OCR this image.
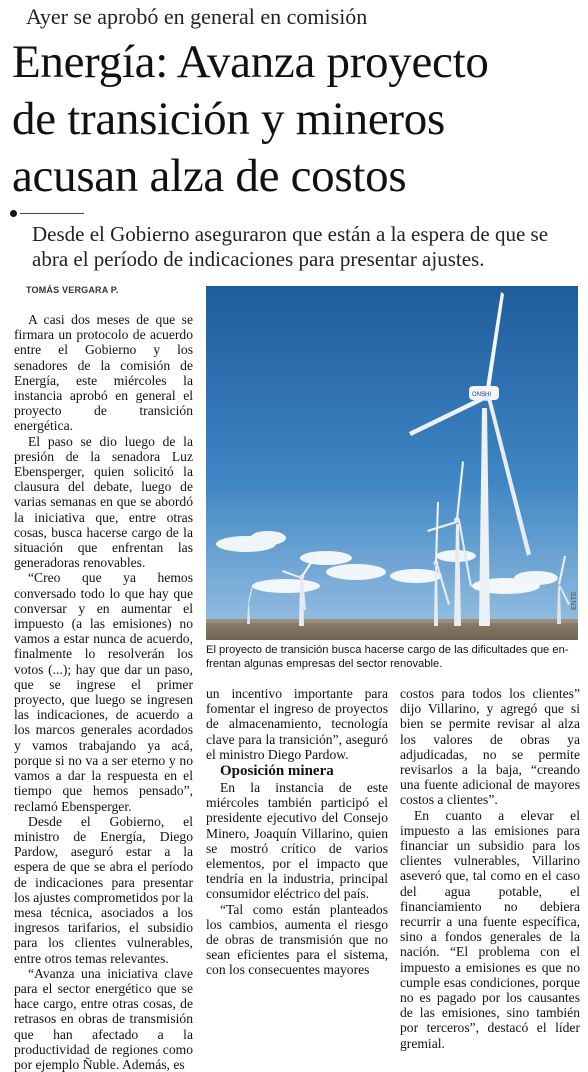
Ayer se aprobó en general en comisión
Energía: Avanza proyecto
de transición y mineros
acusan alza de costos
Desde el Gobierno aseguraron que están a la espera de que se
abra el período de indicaciones para presentar ajustes.
TOMÁS VERGARA P.

A casi dos meses de que se firmara un protocolo de acuerdo entre el Gobierno y los senadores de la comisión de Energía, este miércoles la instancia aprobó en general el proyecto de transición energética.

El paso se dio luego de la presión de la senadora Luz Ebensperger, quien solicitó la clausura del debate, luego de varias semanas en que se abordó la iniciativa que, entre otras cosas, busca hacerse cargo de la situación que enfrentan las generadoras renovables.

“Creo que ya hemos conversado todo lo que hay que conversar y en aumentar el impuesto (a las emisiones) no vamos a estar nunca de acuerdo, finalmente lo resolverán los votos (...); hay que dar un paso, que se ingrese el primer proyecto, que luego se ingresen las indicaciones, de acuerdo a los marcos generales acordados y vamos trabajando ya acá, porque si no va a ser eterno y no vamos a dar la respuesta en el tiempo que hemos pensado”, reclamó Ebensperger.

Desde el Gobierno, el ministro de Energía, Diego Pardow, aseguró estar a la espera de que se abra el período de indicaciones para presentar los ajustes comprometidos por la mesa técnica, asociados a los ingresos tarifarios, el subsidio para los clientes vulnerables, entre otros temas relevantes.

“Avanza una iniciativa clave para el sector energético que se hace cargo, entre otras cosas, de retrasos en obras de transmisión que han afectado a la productividad de regiones como por ejemplo Ñuble. Además, es

ONSHI
ENTE
El proyecto de transición busca hacerse cargo de las dificultades que en-
frentan algunas empresas del sector renovable.

un incentivo importante para fomentar el ingreso de proyectos de almacenamiento, tecnología clave para la transición”, aseguró el ministro Diego Pardow.

Oposición minera

En la instancia de este miércoles también participó el presidente ejecutivo del Consejo Minero, Joaquín Villarino, quien se mostró crítico de varios elementos, por el impacto que tendría en la industria, principal consumidor eléctrico del país.

“Tal como están planteados los cambios, aumenta el riesgo de obras de transmisión que no sean eficientes para el sistema, con los consecuentes mayores

costos para todos los clientes” dijo Villarino, y agregó que si bien se permite revisar al alza los valores de obras ya adjudicadas, no se permite revisarlos a la baja, “creando una fuente adicional de mayores costos a clientes”.

En cuanto a elevar el impuesto a las emisiones para financiar un subsidio para los clientes vulnerables, Villarino aseveró que, tal como en el caso del agua potable, el financiamiento no debiera recurrir a una fuente específica, sino a fondos generales de la nación. “El problema con el impuesto a emisiones es que no cumple esas condiciones, porque no es pagado por los causantes de las emisiones, sino también por terceros”, destacó el líder gremial.
